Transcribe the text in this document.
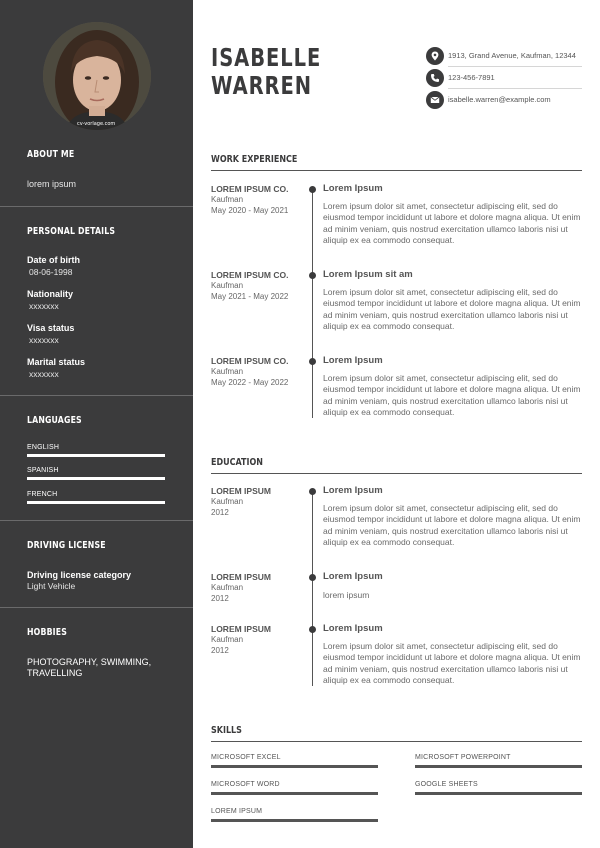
cv-vorlage.com
ABOUT ME
lorem ipsum
PERSONAL DETAILS
Date of birth
08-06-1998
Nationality
xxxxxxx
Visa status
xxxxxxx
Marital status
xxxxxxx
LANGUAGES
ENGLISH
SPANISH
FRENCH
DRIVING LICENSE
Driving license category
Light Vehicle
HOBBIES
PHOTOGRAPHY, SWIMMING,
TRAVELLING
ISABELLE
WARREN
1913, Grand Avenue, Kaufman, 12344
123-456-7891
isabelle.warren@example.com
WORK EXPERIENCE
LOREM IPSUM CO.
Kaufman
May 2020 - May 2021
Lorem Ipsum
Lorem ipsum dolor sit amet, consectetur adipiscing elit, sed do eiusmod tempor incididunt ut labore et dolore magna aliqua. Ut enim ad minim veniam, quis nostrud exercitation ullamco laboris nisi ut aliquip ex ea commodo consequat.
LOREM IPSUM CO.
Kaufman
May 2021 - May 2022
Lorem Ipsum sit am
Lorem ipsum dolor sit amet, consectetur adipiscing elit, sed do eiusmod tempor incididunt ut labore et dolore magna aliqua. Ut enim ad minim veniam, quis nostrud exercitation ullamco laboris nisi ut aliquip ex ea commodo consequat.
LOREM IPSUM CO.
Kaufman
May 2022 - May 2022
Lorem Ipsum
Lorem ipsum dolor sit amet, consectetur adipiscing elit, sed do eiusmod tempor incididunt ut labore et dolore magna aliqua. Ut enim ad minim veniam, quis nostrud exercitation ullamco laboris nisi ut aliquip ex ea commodo consequat.
EDUCATION
LOREM IPSUM
Kaufman
2012
Lorem Ipsum
Lorem ipsum dolor sit amet, consectetur adipiscing elit, sed do eiusmod tempor incididunt ut labore et dolore magna aliqua. Ut enim ad minim veniam, quis nostrud exercitation ullamco laboris nisi ut aliquip ex ea commodo consequat.
LOREM IPSUM
Kaufman
2012
Lorem Ipsum
lorem ipsum
LOREM IPSUM
Kaufman
2012
Lorem Ipsum
Lorem ipsum dolor sit amet, consectetur adipiscing elit, sed do eiusmod tempor incididunt ut labore et dolore magna aliqua. Ut enim ad minim veniam, quis nostrud exercitation ullamco laboris nisi ut aliquip ex ea commodo consequat.
SKILLS
MICROSOFT EXCEL	MICROSOFT POWERPOINT
MICROSOFT WORD	GOOGLE SHEETS
LOREM IPSUM
